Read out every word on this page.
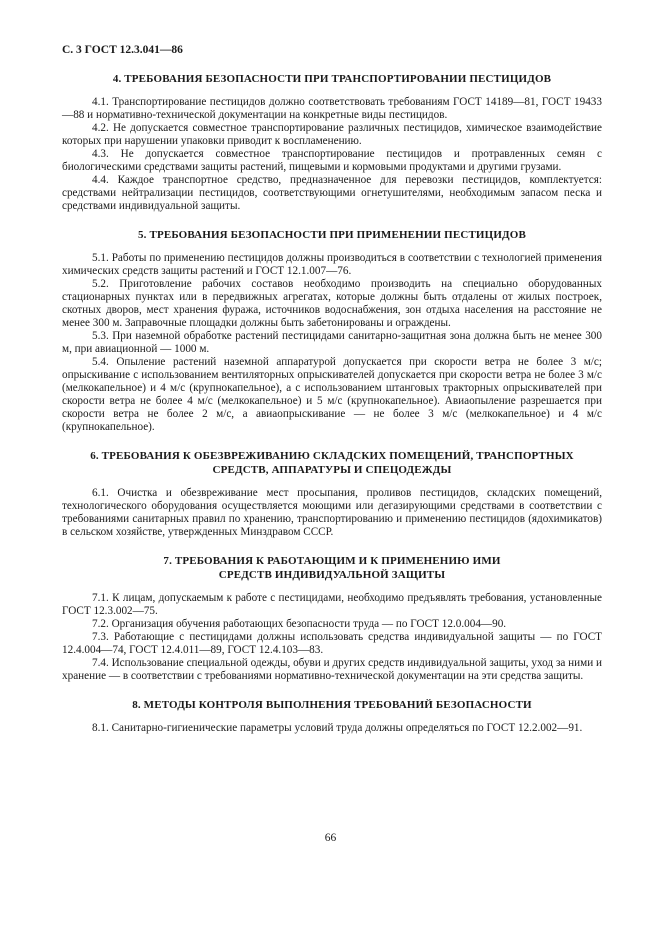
С. 3 ГОСТ 12.3.041—86
4. ТРЕБОВАНИЯ БЕЗОПАСНОСТИ ПРИ ТРАНСПОРТИРОВАНИИ ПЕСТИЦИДОВ

4.1. Транспортирование пестицидов должно соответствовать требованиям ГОСТ 14189—81, ГОСТ 19433—88 и нормативно-технической документации на конкретные виды пестицидов.

4.2. Не допускается совместное транспортирование различных пестицидов, химическое взаимодействие которых при нарушении упаковки приводит к воспламенению.

4.3. Не допускается совместное транспортирование пестицидов и протравленных семян с биологическими средствами защиты растений, пищевыми и кормовыми продуктами и другими грузами.

4.4. Каждое транспортное средство, предназначенное для перевозки пестицидов, комплектуется: средствами нейтрализации пестицидов, соответствующими огнетушителями, необходимым запасом песка и средствами индивидуальной защиты.

5. ТРЕБОВАНИЯ БЕЗОПАСНОСТИ ПРИ ПРИМЕНЕНИИ ПЕСТИЦИДОВ

5.1. Работы по применению пестицидов должны производиться в соответствии с технологией применения химических средств защиты растений и ГОСТ 12.1.007—76.

5.2. Приготовление рабочих составов необходимо производить на специально оборудованных стационарных пунктах или в передвижных агрегатах, которые должны быть отдалены от жилых построек, скотных дворов, мест хранения фуража, источников водоснабжения, зон отдыха населения на расстояние не менее 300 м. Заправочные площадки должны быть забетонированы и ограждены.

5.3. При наземной обработке растений пестицидами санитарно-защитная зона должна быть не менее 300 м, при авиационной — 1000 м.

5.4. Опыление растений наземной аппаратурой допускается при скорости ветра не более 3 м/с; опрыскивание с использованием вентиляторных опрыскивателей допускается при скорости ветра не более 3 м/с (мелкокапельное) и 4 м/с (крупнокапельное), а с использованием штанговых тракторных опрыскивателей при скорости ветра не более 4 м/с (мелкокапельное) и 5 м/с (крупнокапельное). Авиаопыление разрешается при скорости ветра не более 2 м/с, а авиаопрыскивание — не более 3 м/с (мелкокапельное) и 4 м/с (крупнокапельное).

6. ТРЕБОВАНИЯ К ОБЕЗВРЕЖИВАНИЮ СКЛАДСКИХ ПОМЕЩЕНИЙ, ТРАНСПОРТНЫХ
СРЕДСТВ, АППАРАТУРЫ И СПЕЦОДЕЖДЫ

6.1. Очистка и обезвреживание мест просыпания, проливов пестицидов, складских помещений, технологического оборудования осуществляется моющими или дегазирующими средствами в соответствии с требованиями санитарных правил по хранению, транспортированию и применению пестицидов (ядохимикатов) в сельском хозяйстве, утвержденных Минздравом СССР.

7. ТРЕБОВАНИЯ К РАБОТАЮЩИМ И К ПРИМЕНЕНИЮ ИМИ
СРЕДСТВ ИНДИВИДУАЛЬНОЙ ЗАЩИТЫ

7.1. К лицам, допускаемым к работе с пестицидами, необходимо предъявлять требования, установленные ГОСТ 12.3.002—75.

7.2. Организация обучения работающих безопасности труда — по ГОСТ 12.0.004—90.

7.3. Работающие с пестицидами должны использовать средства индивидуальной защиты — по ГОСТ 12.4.004—74, ГОСТ 12.4.011—89, ГОСТ 12.4.103—83.

7.4. Использование специальной одежды, обуви и других средств индивидуальной защиты, уход за ними и хранение — в соответствии с требованиями нормативно-технической документации на эти средства защиты.

8. МЕТОДЫ КОНТРОЛЯ ВЫПОЛНЕНИЯ ТРЕБОВАНИЙ БЕЗОПАСНОСТИ

8.1. Санитарно-гигиенические параметры условий труда должны определяться по ГОСТ 12.2.002—91.

66
